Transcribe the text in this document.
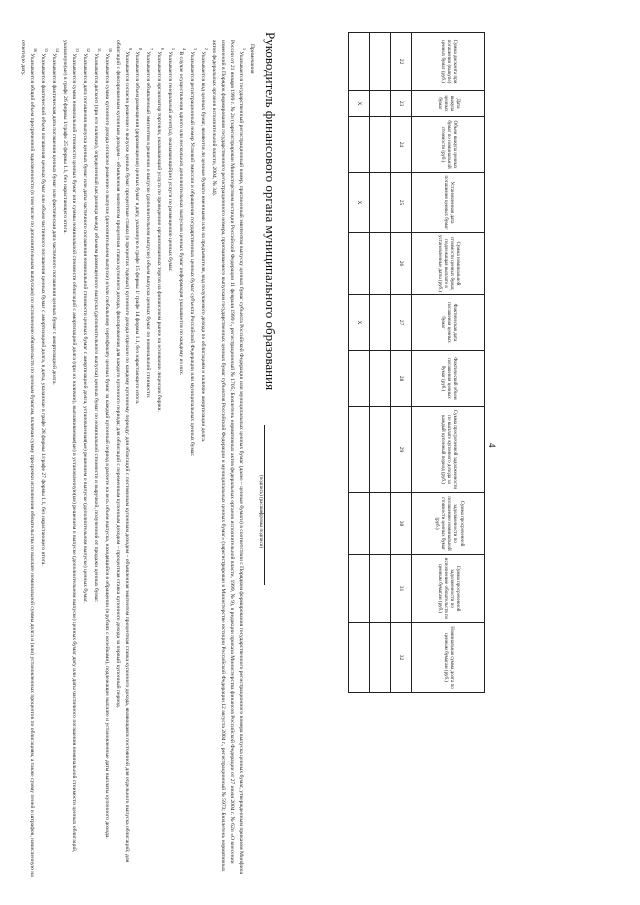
4
Сумма дисконта при погашении (выкупе) ценных бумаг (руб.)	Дата выкупа ценных бумаг	Объем выкупа ценных бумаг по номинальной стоимости (руб.)	Установленная дата погашения ценных бумаг	Сумма номинальной стоимости ценных бумаг, подлежащая выплате в установленные даты (руб.)	Фактическая дата погашения ценных бумаг	Фактический объем погашения ценных бумаг (руб.)	Сумма просроченной задолженности по выплате купонного дохода за каждый купонный период (руб.)	Сумма просроченной задолженности по погашению номинальной стоимости ценных бумаг (руб.)	Сумма просроченной задолженности по исполнению обязательств по ценным бумагам (руб.)	Номинальная сумма долга по ценным бумагам (руб.)
22	23	24	25	26	27	28	29	30	31	32

	X		X		X					
Руководитель финансового органа муниципального образования
(подпись) (расшифровка подписи)
Примечания
$^1$ Указывается государственный регистрационный номер, присвоенный эмитентом выпуску ценных бумаг субъекта Российской Федерации или муниципальных ценных бумаг (далее – ценные бумаги) в соответствии с Порядком формирования государственного регистрационного номера выпуска ценных бумаг, утвержденным приказом Минфина России от 21 января 1999 г. № 2н (зарегистрирован Министерством юстиции Российской Федерации 11 февраля 1999 г., регистрационный № 1705; Бюллетень нормативных актов федеральных органов исполнительной власти, 1999, № 9), в редакции приказа Министерства финансов Российской Федерации от 27 июля 2004 г. № 62н «О внесении изменений в Порядок формирования государственного регистрационного номера, присваиваемого выпускам государственных ценных бумаг субъектов Российской Федерации и муниципальных ценных бумаг» (зарегистрирован в Министерстве юстиции Российской Федерации 12 августа 2004 г., регистрационный № 5973; Бюллетень нормативных актов федеральных органов исполнительной власти, 2004, № 34).
$^2$ Указывается вид ценных бумаг, являются ли ценные бумаги именными или на предъявителя, вид получаемого дохода по облигациям и наличие амортизации долга.
$^3$ Указывается регистрационный номер Условий эмиссии и обращения государственных ценных бумаг субъекта Российской Федерации или муниципальных ценных бумаг.
$^4$ В случае осуществления одного или нескольких дополнительных выпусков ценных бумаг информация указывается по каждому из них.
$^5$ Указывается генеральный агент(ы), оказывающий(ие) услуги по размещению ценных бумаг.
$^6$ Указывается организатор торговли, оказывающий услуги по проведению организованных торгов на финансовом рынке на основании лицензии биржи.
$^7$ Указывается объявленный эмитентом в решении о выпуске (дополнительном выпуске) объем выпуска ценных бумаг по номинальной стоимости.
$^8$ Указывается объем размещения (доразмещения) ценных бумаг в дату, указанную в графе 15 формы 1/ графе 14 формы 1.1, без нарастающего итога.
$^9$ Указывается согласно решению о выпуске ценных бумаг процентные ставки (в процентах годовых) купонного дохода отдельно по каждому купонному периоду: для облигаций с постоянным купонным доходом – объявленная эмитентом процентная ставка купонного дохода, являющаяся постоянной для отдельного выпуска облигаций; для облигаций с фиксированным купонным доходом – объявленная эмитентом процентная ставка купонного дохода, фиксированная для каждого купонного периода; для облигаций с переменным купонным доходом – процентная ставка купонного дохода за первый купонный период.
$^{10}$ Указывается сумма купонного дохода согласно решению о выпуске (дополнительном выпуске) и/или глобальному сертификату ценных бумаг за каждый купонный период в расчете на весь объем выпуска, находящийся в обращении (в рублях с копейками), подлежащие выплате и установленные даты выплаты купонного дохода.
$^{11}$ Указывается дисконт (при его наличии), определенный как разница между объемом размещенного выпуска (дополнительного выпуска) ценных бумаг по номинальной стоимости и выручкой, полученной от продажи ценных бумаг.
$^{12}$ Указывается дата погашения выпуска ценных бумаг или даты частичного погашения номинальной стоимости ценных бумаг с амортизацией долга, установленная(ые) решением о выпуске (дополнительном выпуске) ценных бумаг.
$^{13}$ Указывается сумма номинальной стоимости ценных бумаг или суммы номинальной стоимости облигаций с амортизацией долга (при их наличии), выплачиваемая(ые) в установленную(ые) решением о выпуске (дополнительном выпуске) ценных бумаг дату или даты частичного погашения номинальной стоимости ценных облигаций, указанную(ые) в графе 26 формы 1/графе 25 формы 1.1, без нарастающего итога.
$^{14}$ Указывается фактическая дата погашения ценных бумаг или фактическая дата частичного погашения ценных бумаг с амортизацией долга.
$^{15}$ Указывается фактический объем погашения ценных бумаг или объем частичного погашения ценных бумаг с амортизацией долга, в даты, указанные в графе 28 формы 1/графе 27 формы 1.1, без нарастающего итога.
$^{16}$ Указывается общий объем просроченной задолженности (в том числе по дополнительным выпускам) по исполнению обязательств по ценным бумагам, включая сумму просрочки исполнения обязательства по выплате номинальной суммы долга и (или) установленных процентов по облигациям, а также сумму пеней и штрафов, начисленную на отчетную дату.
